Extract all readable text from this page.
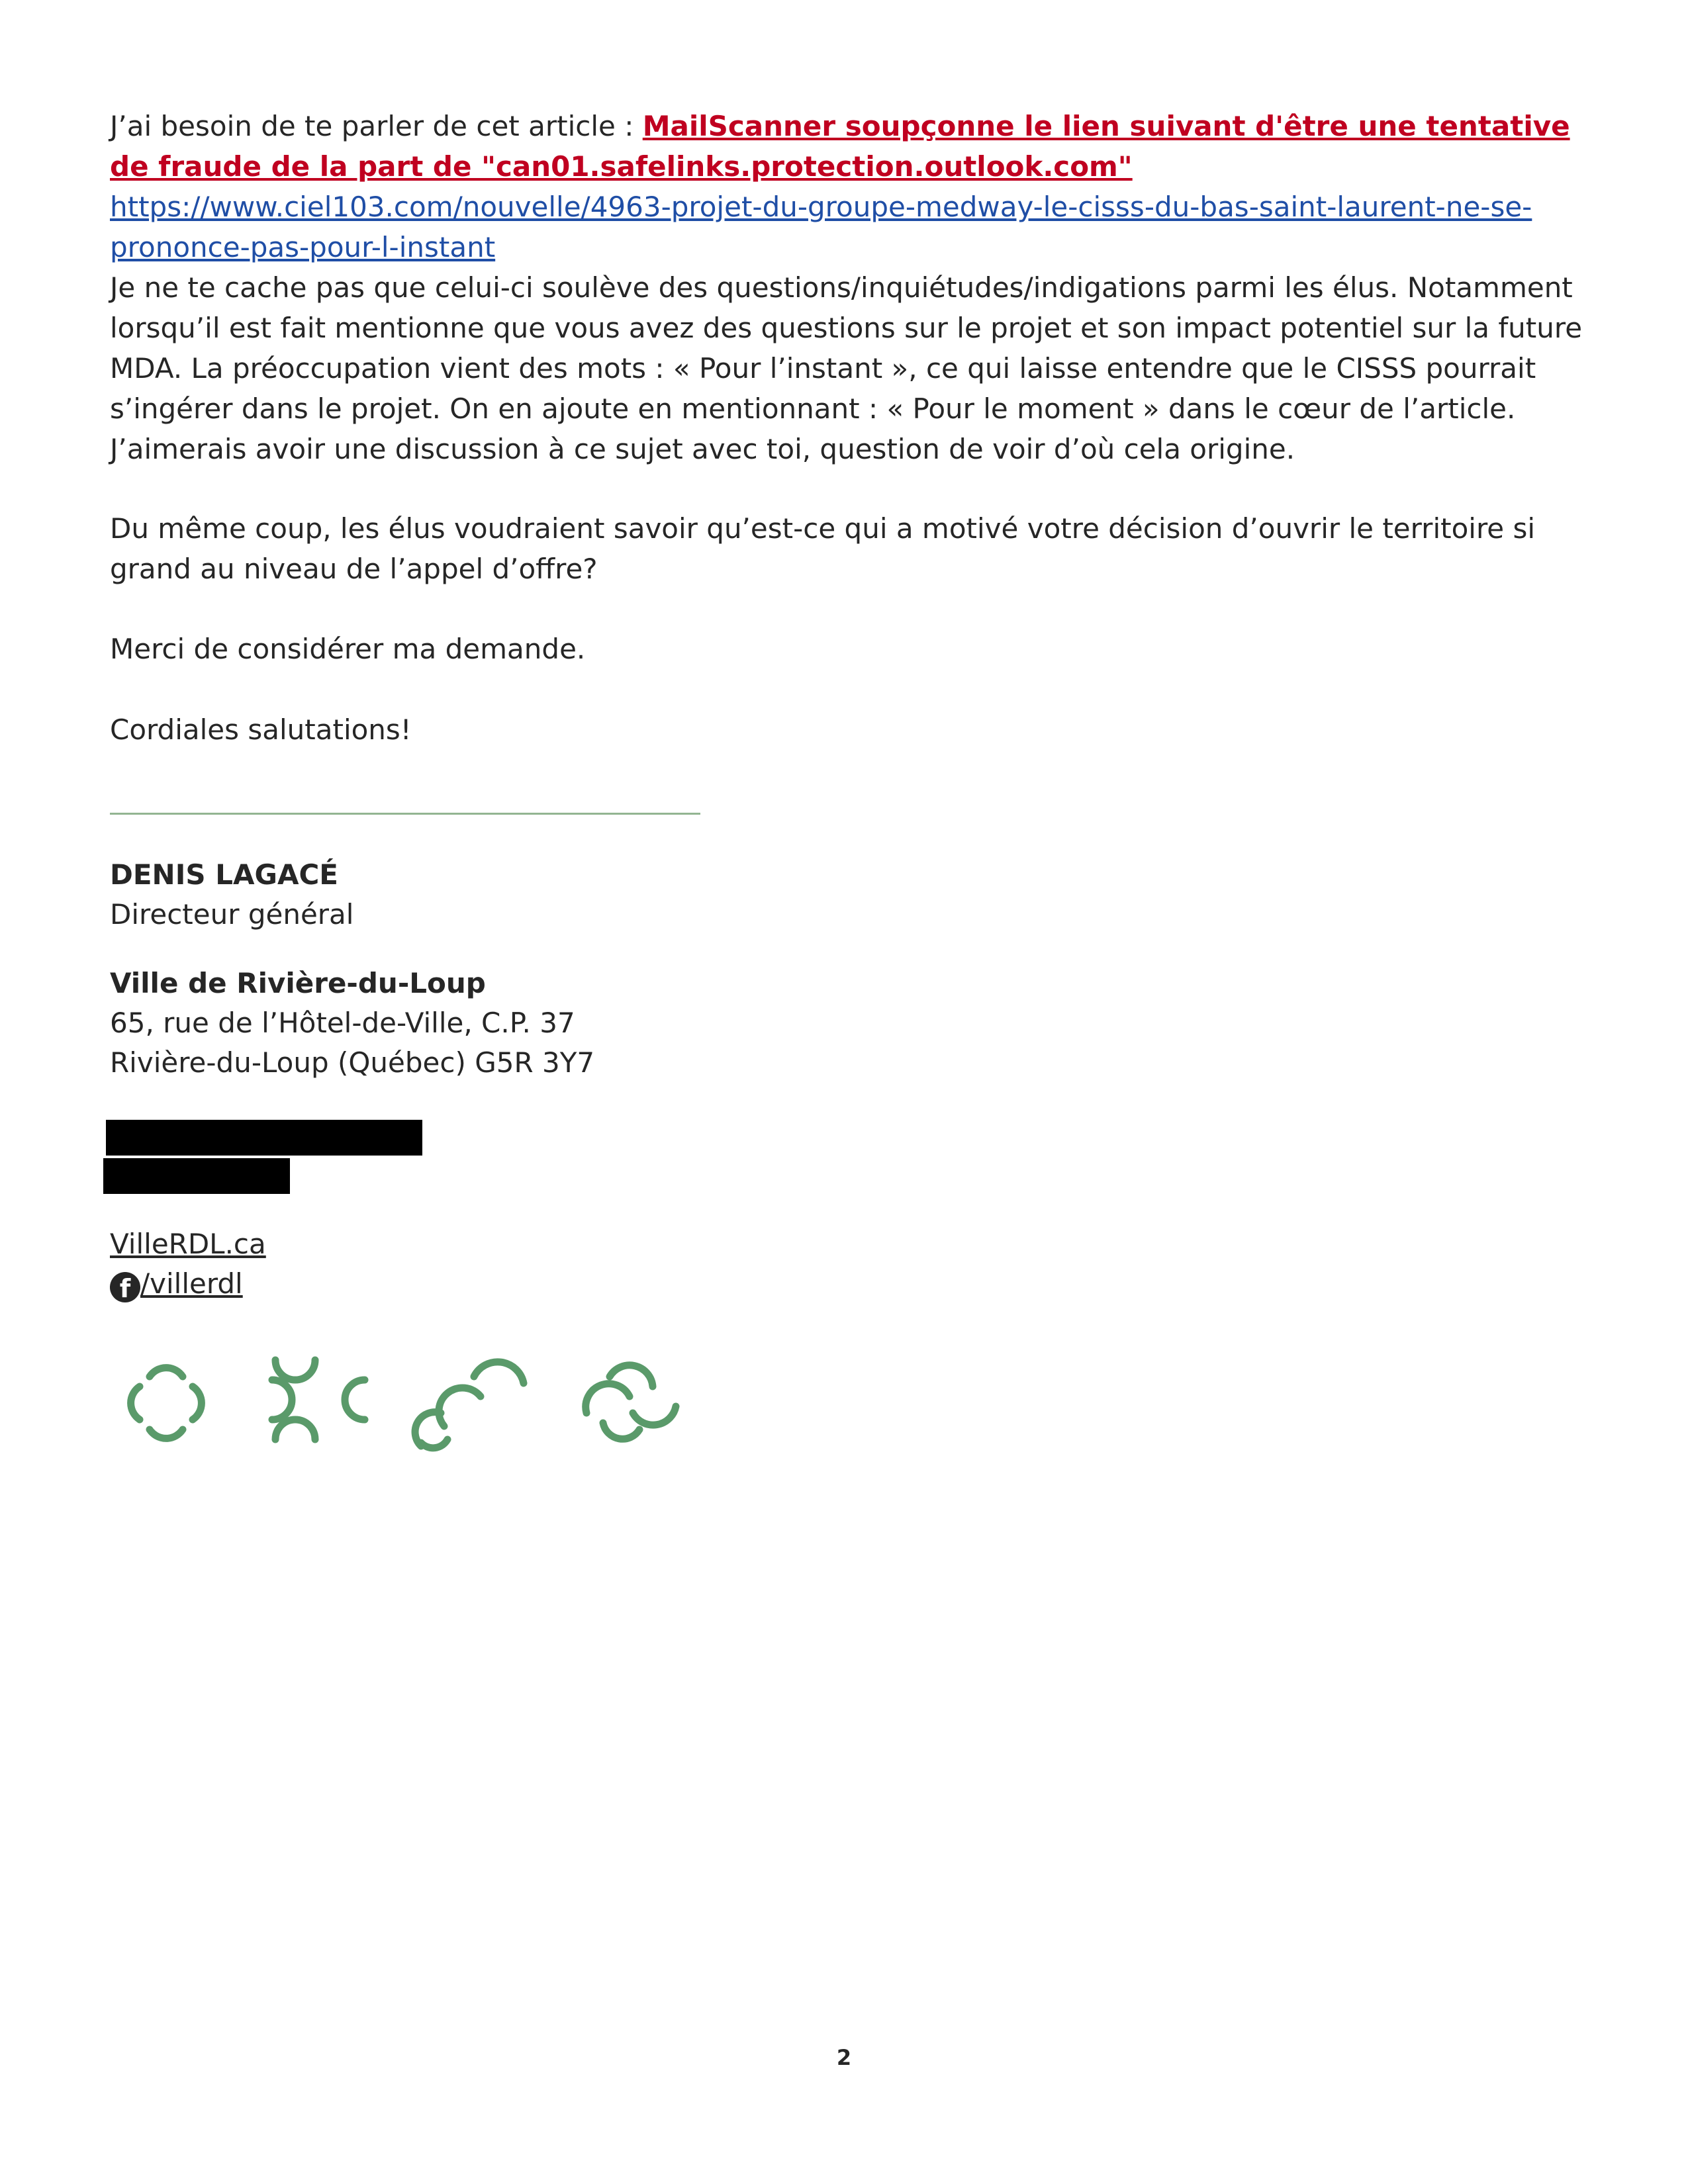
J’ai besoin de te parler de cet article : MailScanner soupçonne le lien suivant d'être une tentative de fraude de la part de "can01.safelinks.protection.outlook.com" https://www.ciel103.com/nouvelle/4963-projet-du-groupe-medway-le-cisss-du-bas-saint-laurent-ne-se-prononce-pas-pour-l-instant

Je ne te cache pas que celui-ci soulève des questions/inquiétudes/indigations parmi les élus. Notamment lorsqu’il est fait mentionne que vous avez des questions sur le projet et son impact potentiel sur la future MDA. La préoccupation vient des mots : « Pour l’instant », ce qui laisse entendre que le CISSS pourrait s’ingérer dans le projet. On en ajoute en mentionnant : « Pour le moment » dans le cœur de l’article. J’aimerais avoir une discussion à ce sujet avec toi, question de voir d’où cela origine.

Du même coup, les élus voudraient savoir qu’est-ce qui a motivé votre décision d’ouvrir le territoire si grand au niveau de l’appel d’offre?

Merci de considérer ma demande.

Cordiales salutations!

DENIS LAGACÉ
Directeur général
Ville de Rivière-du-Loup
65, rue de l’Hôtel-de-Ville, C.P. 37
Rivière-du-Loup (Québec) G5R 3Y7
VilleRDL.ca
f /villerdl
2
